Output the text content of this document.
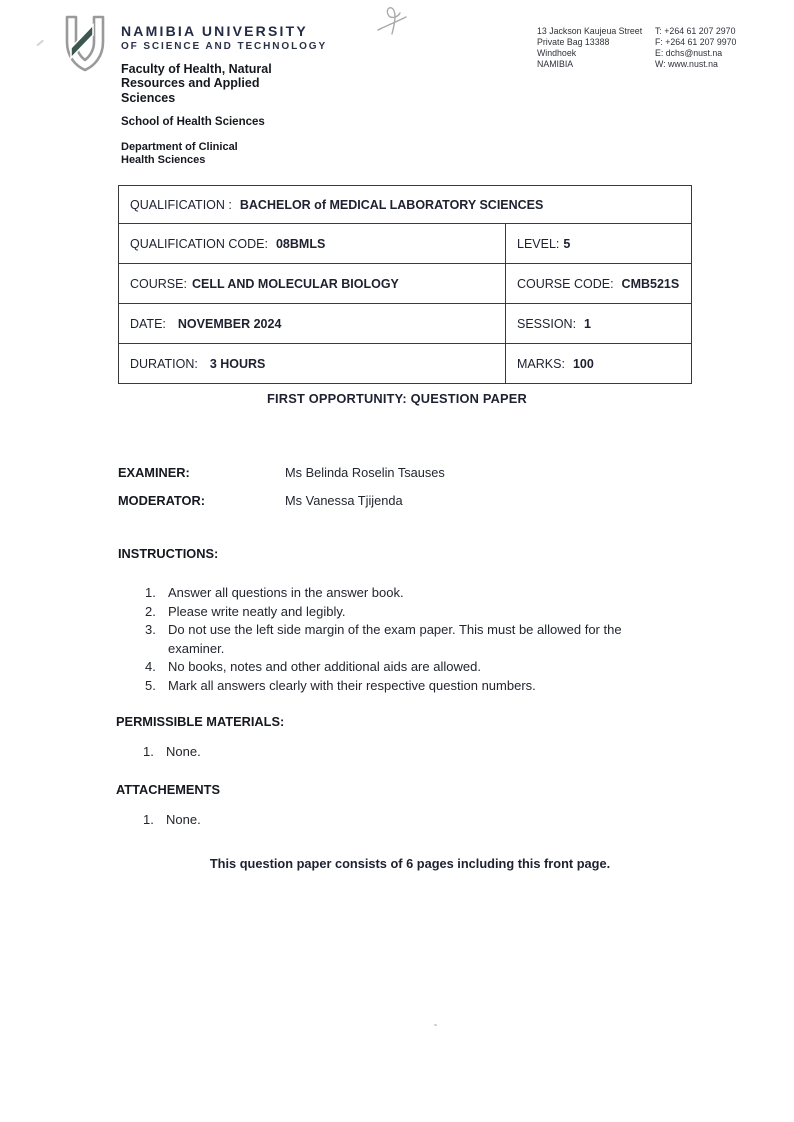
NAMIBIA UNIVERSITY
OF SCIENCE AND TECHNOLOGY
Faculty of Health, Natural Resources and Applied Sciences
13 Jackson Kaujeua Street
Private Bag 13388
Windhoek
NAMIBIA
T: +264 61 207 2970
F: +264 61 207 9970
E: dchs@nust.na
W: www.nust.na
School of Health Sciences
Department of Clinical Health Sciences
QUALIFICATION : BACHELOR of MEDICAL LABORATORY SCIENCES
QUALIFICATION CODE: 08BMLS	LEVEL: 5
COURSE: CELL AND MOLECULAR BIOLOGY	COURSE CODE: CMB521S
DATE: NOVEMBER 2024	SESSION: 1
DURATION: 3 HOURS	MARKS: 100
FIRST OPPORTUNITY: QUESTION PAPER
EXAMINER:	Ms Belinda Roselin Tsauses
MODERATOR:	Ms Vanessa Tjijenda
INSTRUCTIONS:
1. Answer all questions in the answer book.
2. Please write neatly and legibly.
3. Do not use the left side margin of the exam paper. This must be allowed for the examiner.
4. No books, notes and other additional aids are allowed.
5. Mark all answers clearly with their respective question numbers.
PERMISSIBLE MATERIALS:
1. None.
ATTACHEMENTS
1. None.
This question paper consists of 6 pages including this front page.
